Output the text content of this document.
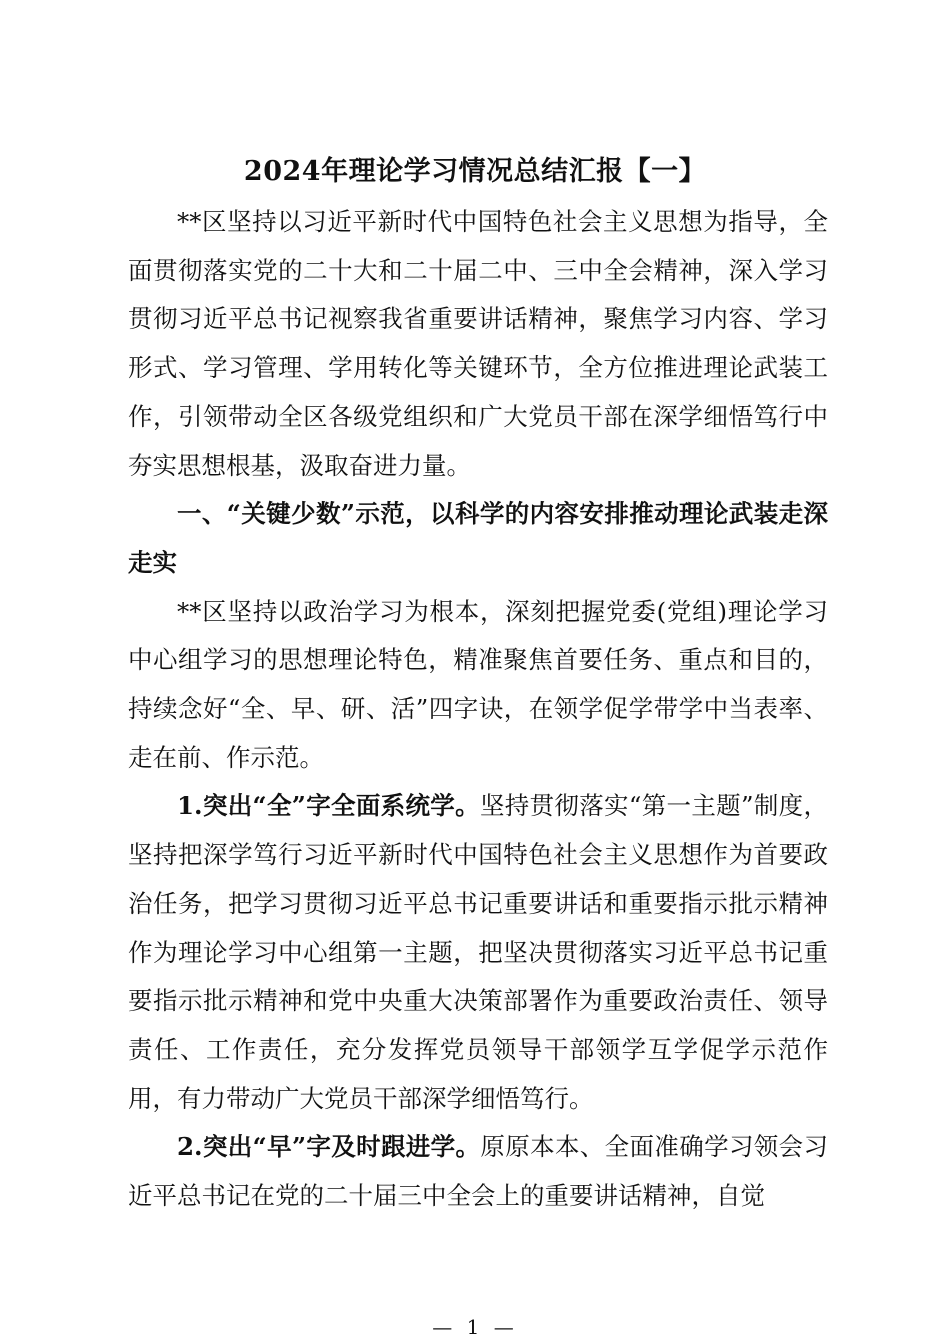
2024年理论学习情况总结汇报【一】

**区坚持以习近平新时代中国特色社会主义思想为指导，全面贯彻落实党的二十大和二十届二中、三中全会精神，深入学习贯彻习近平总书记视察我省重要讲话精神，聚焦学习内容、学习形式、学习管理、学用转化等关键环节，全方位推进理论武装工作，引领带动全区各级党组织和广大党员干部在深学细悟笃行中夯实思想根基，汲取奋进力量。

一、“关键少数”示范，以科学的内容安排推动理论武装走深走实

**区坚持以政治学习为根本，深刻把握党委(党组)理论学习中心组学习的思想理论特色，精准聚焦首要任务、重点和目的，持续念好“全、早、研、活”四字诀，在领学促学带学中当表率、走在前、作示范。

1.突出“全”字全面系统学。坚持贯彻落实“第一主题”制度，坚持把深学笃行习近平新时代中国特色社会主义思想作为首要政治任务，把学习贯彻习近平总书记重要讲话和重要指示批示精神作为理论学习中心组第一主题，把坚决贯彻落实习近平总书记重要指示批示精神和党中央重大决策部署作为重要政治责任、领导责任、工作责任，充分发挥党员领导干部领学互学促学示范作用，有力带动广大党员干部深学细悟笃行。

2.突出“早”字及时跟进学。原原本本、全面准确学习领会习近平总书记在党的二十届三中全会上的重要讲话精神，自觉

— 1 —
